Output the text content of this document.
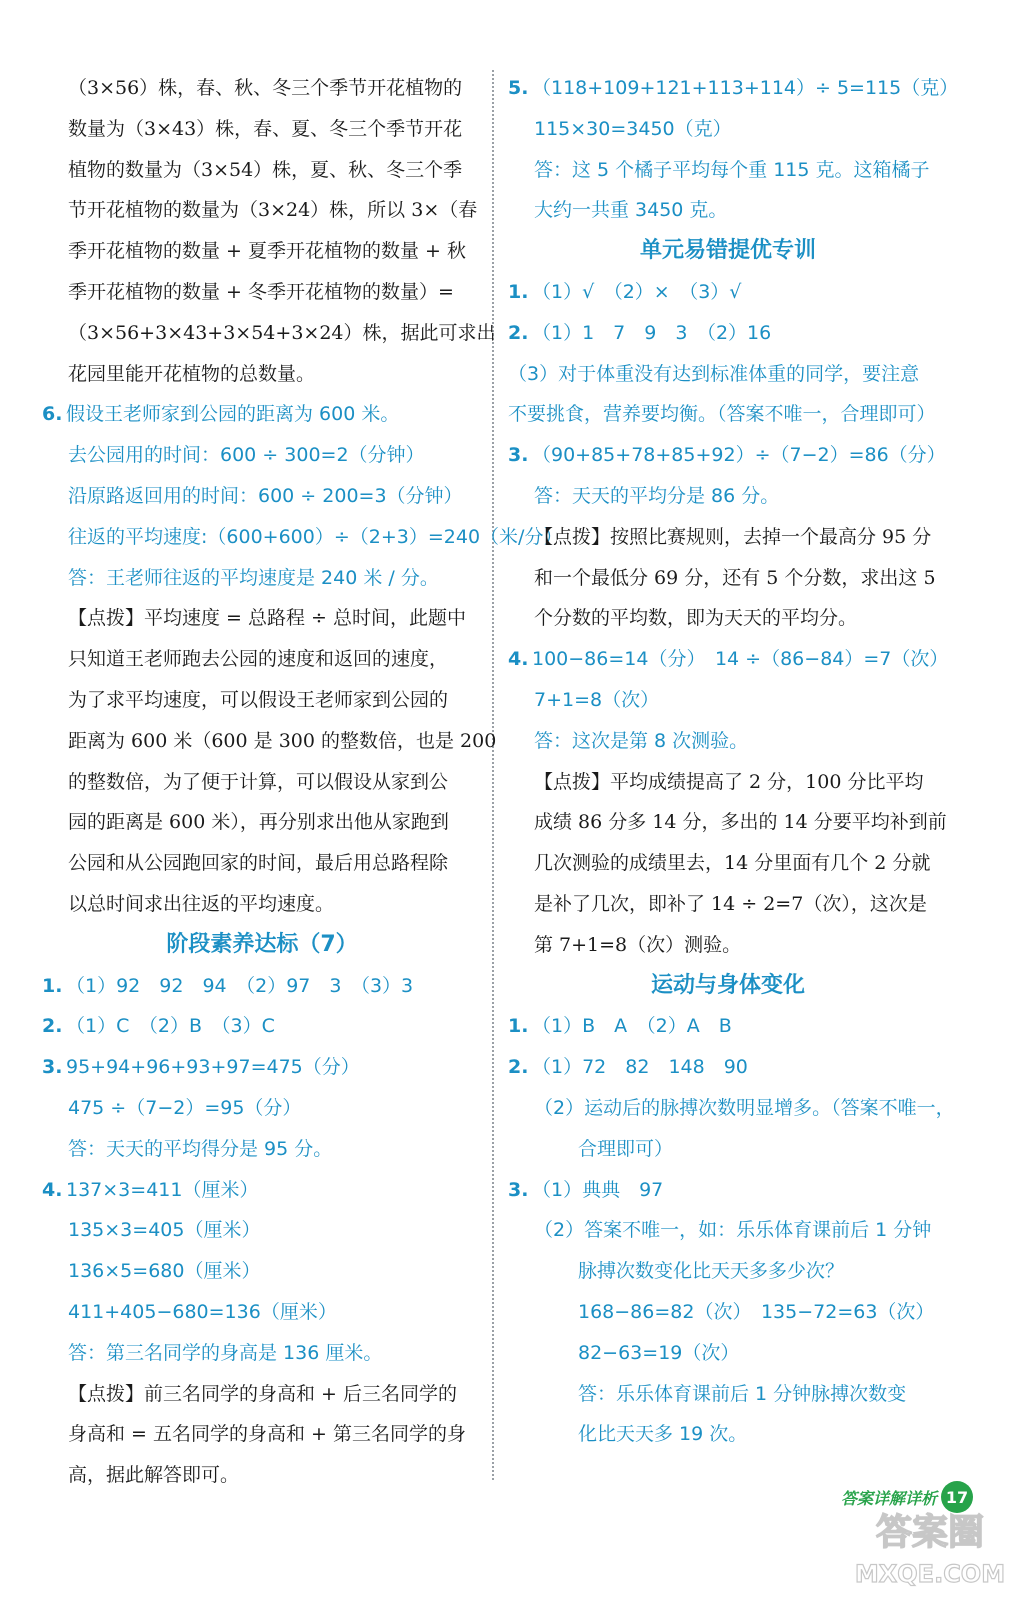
（3×56）株，春、秋、冬三个季节开花植物的
数量为（3×43）株，春、夏、冬三个季节开花
植物的数量为（3×54）株，夏、秋、冬三个季
节开花植物的数量为（3×24）株，所以 3×（春
季开花植物的数量 + 夏季开花植物的数量 + 秋
季开花植物的数量 + 冬季开花植物的数量）=
（3×56+3×43+3×54+3×24）株，据此可求出
花园里能开花植物的总数量。
6. 假设王老师家到公园的距离为 600 米。
去公园用的时间：600 ÷ 300=2（分钟）
沿原路返回用的时间：600 ÷ 200=3（分钟）
往返的平均速度:（600+600）÷（2+3）=240（米/分）
答：王老师往返的平均速度是 240 米 / 分。
【点拨】平均速度 = 总路程 ÷ 总时间，此题中
只知道王老师跑去公园的速度和返回的速度，
为了求平均速度，可以假设王老师家到公园的
距离为 600 米（600 是 300 的整数倍，也是 200
的整数倍，为了便于计算，可以假设从家到公
园的距离是 600 米），再分别求出他从家跑到
公园和从公园跑回家的时间，最后用总路程除
以总时间求出往返的平均速度。
阶段素养达标（7）
1. （1）92　92　94　（2）97　3　（3）3
2. （1）C　（2）B　（3）C
3. 95+94+96+93+97=475（分）
475 ÷（7−2）=95（分）
答：天天的平均得分是 95 分。
4. 137×3=411（厘米）
135×3=405（厘米）
136×5=680（厘米）
411+405−680=136（厘米）
答：第三名同学的身高是 136 厘米。
【点拨】前三名同学的身高和 + 后三名同学的
身高和 = 五名同学的身高和 + 第三名同学的身
高，据此解答即可。
5. （118+109+121+113+114）÷ 5=115（克）
115×30=3450（克）
答：这 5 个橘子平均每个重 115 克。这箱橘子
大约一共重 3450 克。
单元易错提优专训
1. （1）√　（2）×　（3）√
2. （1）1　7　9　3　（2）16
（3）对于体重没有达到标准体重的同学，要注意
不要挑食，营养要均衡。（答案不唯一，合理即可）
3. （90+85+78+85+92）÷（7−2）=86（分）
答：天天的平均分是 86 分。
【点拨】按照比赛规则，去掉一个最高分 95 分
和一个最低分 69 分，还有 5 个分数，求出这 5
个分数的平均数，即为天天的平均分。
4. 100−86=14（分）　14 ÷（86−84）=7（次）
7+1=8（次）
答：这次是第 8 次测验。
【点拨】平均成绩提高了 2 分，100 分比平均
成绩 86 分多 14 分，多出的 14 分要平均补到前
几次测验的成绩里去，14 分里面有几个 2 分就
是补了几次，即补了 14 ÷ 2=7（次），这次是
第 7+1=8（次）测验。
运动与身体变化
1. （1）B　A　（2）A　B
2. （1）72　82　148　90
（2）运动后的脉搏次数明显增多。（答案不唯一，
合理即可）
3. （1）典典　97
（2）答案不唯一，如：乐乐体育课前后 1 分钟
脉搏次数变化比天天多多少次？
168−86=82（次）　135−72=63（次）
82−63=19（次）
答：乐乐体育课前后 1 分钟脉搏次数变
化比天天多 19 次。
答案详解详析 17
答案圈
MXQE.COM
